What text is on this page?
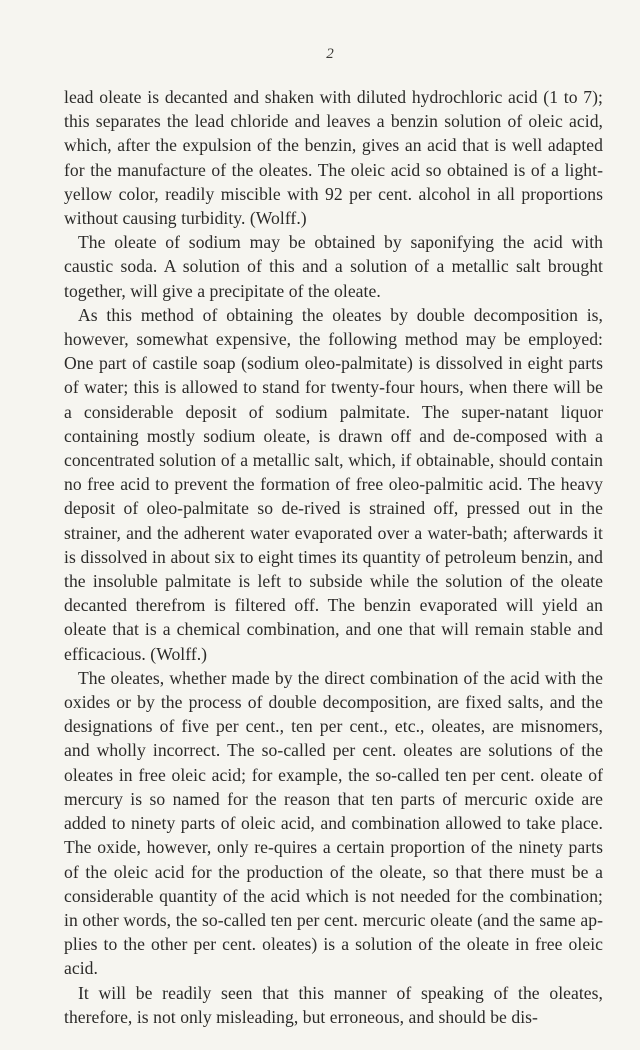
2

lead oleate is decanted and shaken with diluted hydrochloric acid (1 to 7); this separates the lead chloride and leaves a benzin solution of oleic acid, which, after the expulsion of the benzin, gives an acid that is well adapted for the manufacture of the oleates. The oleic acid so obtained is of a light-yellow color, readily miscible with 92 per cent. alcohol in all proportions without causing turbidity. (Wolff.)

The oleate of sodium may be obtained by saponifying the acid with caustic soda. A solution of this and a solution of a metallic salt brought together, will give a precipitate of the oleate.

As this method of obtaining the oleates by double decomposition is, however, somewhat expensive, the following method may be employed: One part of castile soap (sodium oleo-palmitate) is dissolved in eight parts of water; this is allowed to stand for twenty-four hours, when there will be a considerable deposit of sodium palmitate. The super-natant liquor containing mostly sodium oleate, is drawn off and de-composed with a concentrated solution of a metallic salt, which, if obtainable, should contain no free acid to prevent the formation of free oleo-palmitic acid. The heavy deposit of oleo-palmitate so de-rived is strained off, pressed out in the strainer, and the adherent water evaporated over a water-bath; afterwards it is dissolved in about six to eight times its quantity of petroleum benzin, and the insoluble palmitate is left to subside while the solution of the oleate decanted therefrom is filtered off. The benzin evaporated will yield an oleate that is a chemical combination, and one that will remain stable and efficacious. (Wolff.)

The oleates, whether made by the direct combination of the acid with the oxides or by the process of double decomposition, are fixed salts, and the designations of five per cent., ten per cent., etc., oleates, are misnomers, and wholly incorrect. The so-called per cent. oleates are solutions of the oleates in free oleic acid; for example, the so-called ten per cent. oleate of mercury is so named for the reason that ten parts of mercuric oxide are added to ninety parts of oleic acid, and combination allowed to take place. The oxide, however, only re-quires a certain proportion of the ninety parts of the oleic acid for the production of the oleate, so that there must be a considerable quantity of the acid which is not needed for the combination; in other words, the so-called ten per cent. mercuric oleate (and the same ap-plies to the other per cent. oleates) is a solution of the oleate in free oleic acid.

It will be readily seen that this manner of speaking of the oleates, therefore, is not only misleading, but erroneous, and should be dis-
